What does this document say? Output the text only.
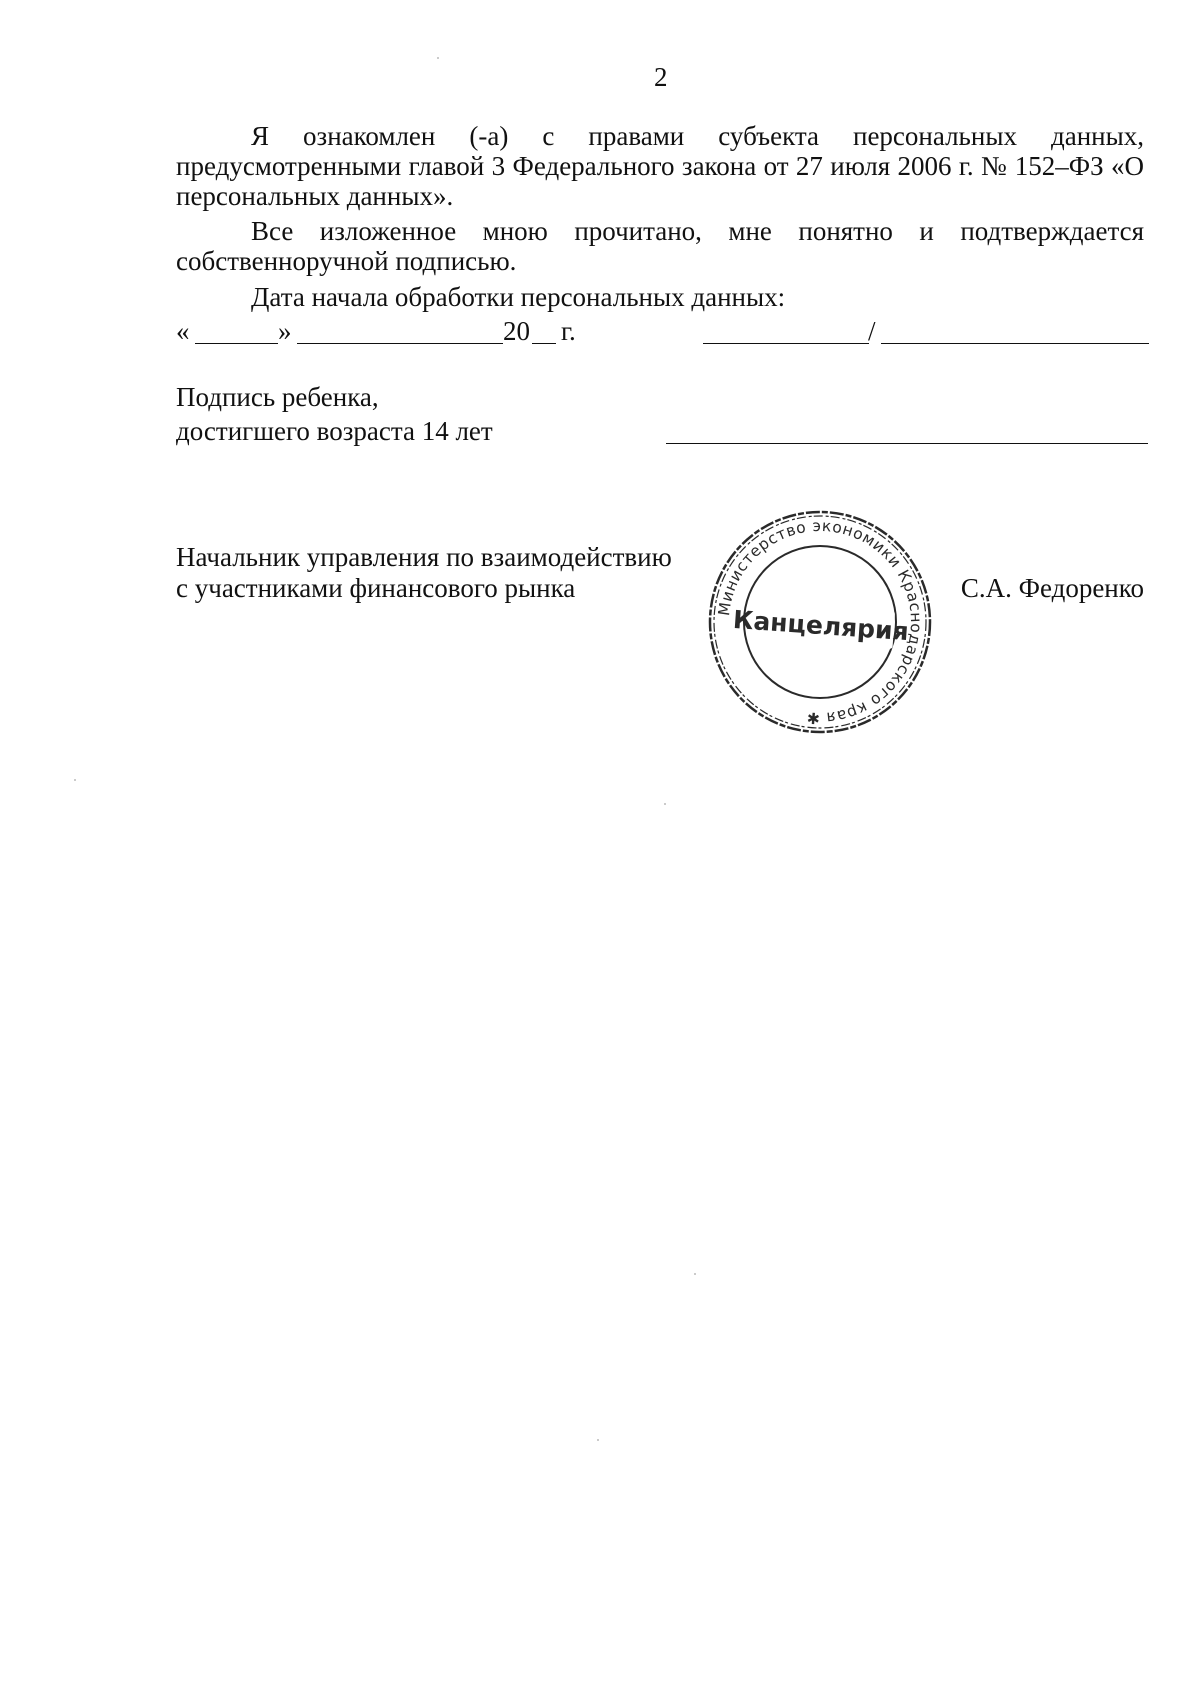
2
Я ознакомлен (-а) с правами субъекта персональных данных, предусмотренными главой 3 Федерального закона от 27 июля 2006 г. № 152–ФЗ «О персональных данных».
Все изложенное мною прочитано, мне понятно и подтверждается собственноручной подписью.
Дата начала обработки персональных данных:
«	»	20 г.	/
Подпись ребенка,
достигшего возраста 14 лет
Начальник управления по взаимодействию
с участниками финансового рынка	С.А. Федоренко
Министерство экономики Краснодарского края ✱
Канцелярия
